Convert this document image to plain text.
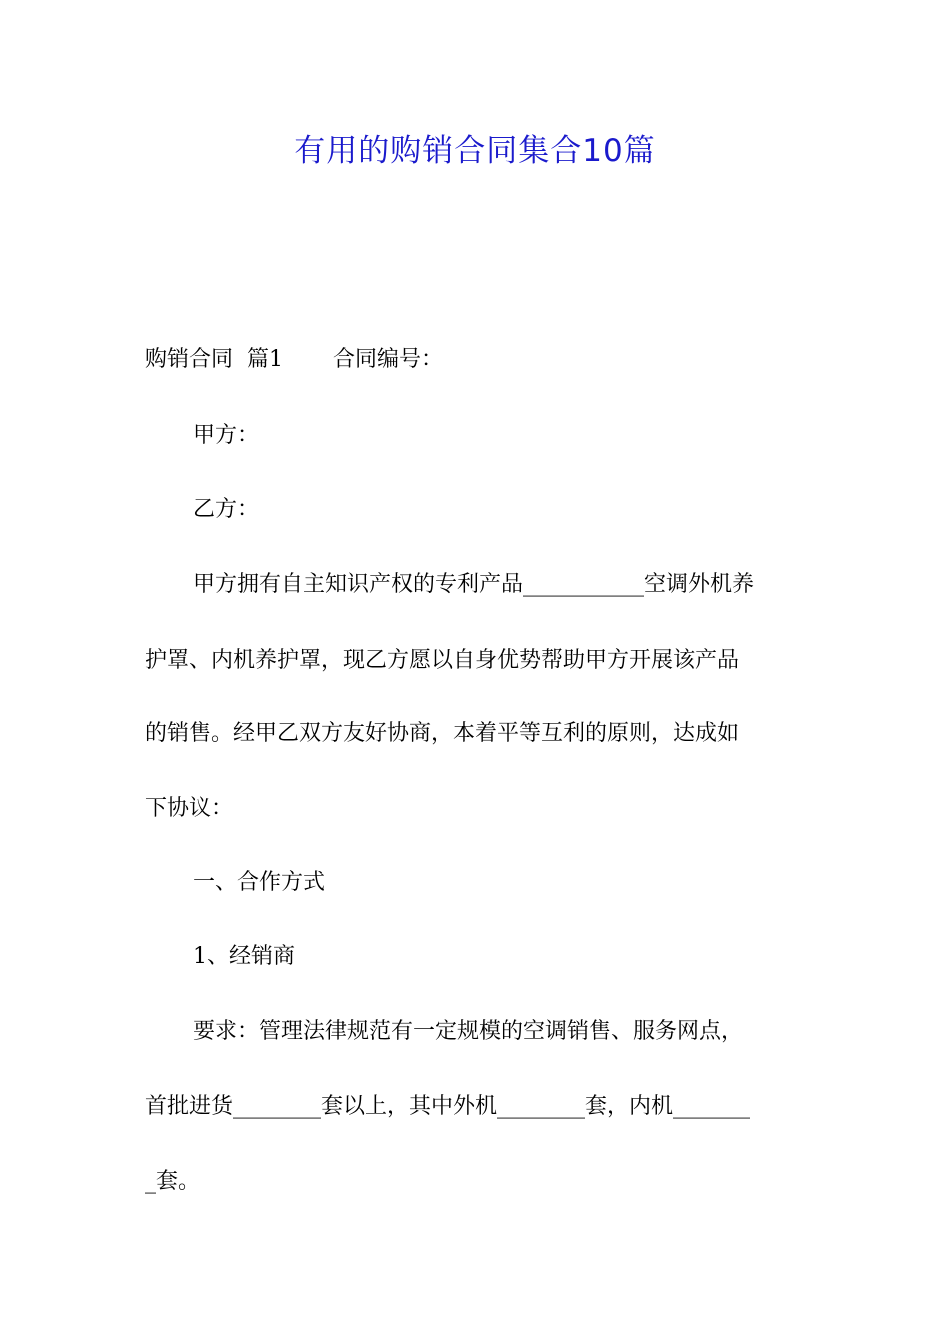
有用的购销合同集合10篇
购销合同 篇1 合同编号：
甲方：
乙方：
甲方拥有自主知识产权的专利产品___________空调外机养
护罩、内机养护罩，现乙方愿以自身优势帮助甲方开展该产品
的销售。经甲乙双方友好协商，本着平等互利的原则，达成如
下协议：
一、合作方式
1、经销商
要求：管理法律规范有一定规模的空调销售、服务网点，
首批进货________套以上，其中外机________套，内机_______
_套。
